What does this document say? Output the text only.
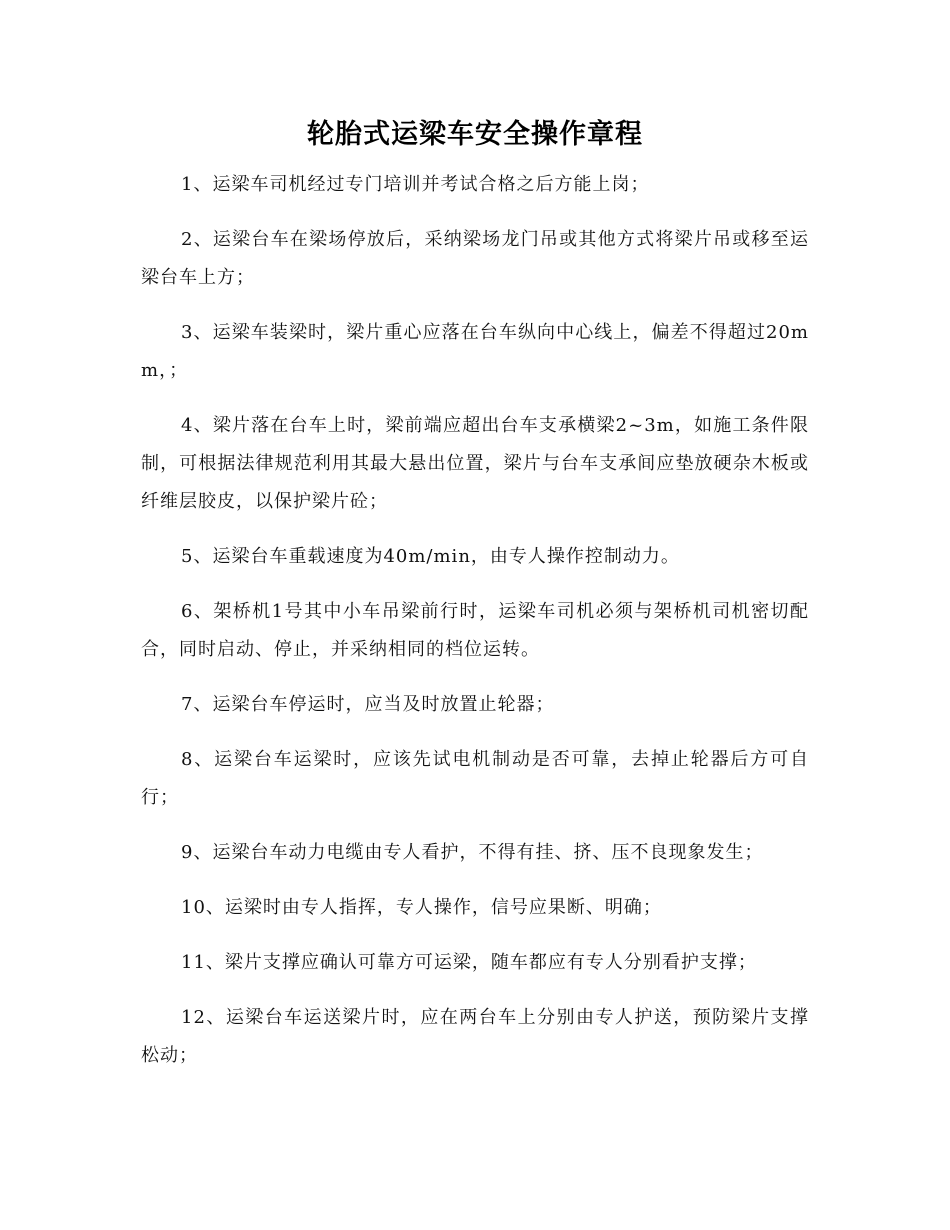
轮胎式运梁车安全操作章程

1、运梁车司机经过专门培训并考试合格之后方能上岗；

2、运梁台车在梁场停放后，采纳梁场龙门吊或其他方式将梁片吊或移至运梁台车上方；

3、运梁车装梁时，梁片重心应落在台车纵向中心线上，偏差不得超过20mm，；

4、梁片落在台车上时，梁前端应超出台车支承横梁2~3m，如施工条件限制，可根据法律规范利用其最大悬出位置，梁片与台车支承间应垫放硬杂木板或纤维层胶皮，以保护梁片砼；

5、运梁台车重载速度为40m/min，由专人操作控制动力。

6、架桥机1号其中小车吊梁前行时，运梁车司机必须与架桥机司机密切配合，同时启动、停止，并采纳相同的档位运转。

7、运梁台车停运时，应当及时放置止轮器；

8、运梁台车运梁时，应该先试电机制动是否可靠，去掉止轮器后方可自行；

9、运梁台车动力电缆由专人看护，不得有挂、挤、压不良现象发生；

10、运梁时由专人指挥，专人操作，信号应果断、明确；

11、梁片支撑应确认可靠方可运梁，随车都应有专人分别看护支撑；

12、运梁台车运送梁片时，应在两台车上分别由专人护送，预防梁片支撑松动；
